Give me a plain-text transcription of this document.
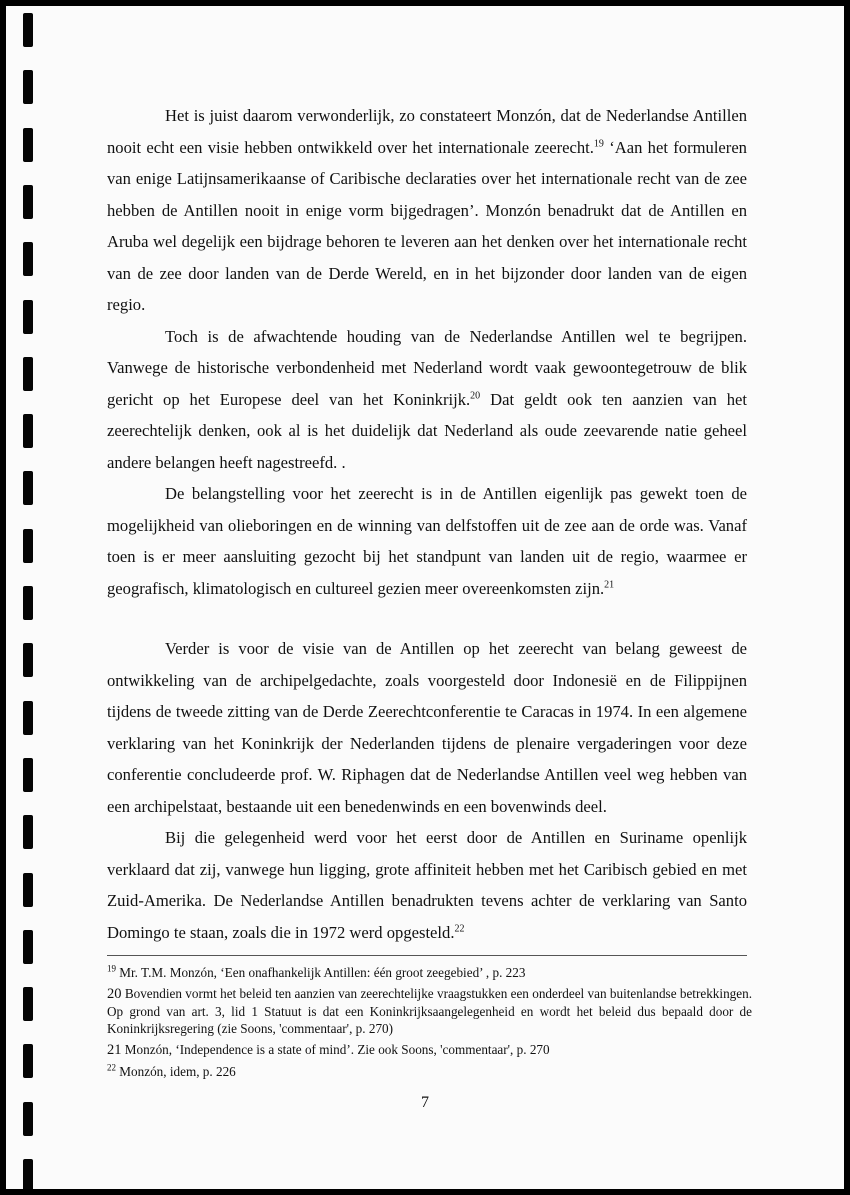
Het is juist daarom verwonderlijk, zo constateert Monzón, dat de Nederlandse Antillen nooit echt een visie hebben ontwikkeld over het internationale zeerecht.$^{19}$ ‘Aan het formuleren van enige Latijnsamerikaanse of Caribische declaraties over het internationale recht van de zee hebben de Antillen nooit in enige vorm bijgedragen’. Monzón benadrukt dat de Antillen en Aruba wel degelijk een bijdrage behoren te leveren aan het denken over het internationale recht van de zee door landen van de Derde Wereld, en in het bijzonder door landen van de eigen regio.

Toch is de afwachtende houding van de Nederlandse Antillen wel te begrijpen. Vanwege de historische verbondenheid met Nederland wordt vaak gewoontegetrouw de blik gericht op het Europese deel van het Koninkrijk.$^{20}$ Dat geldt ook ten aanzien van het zeerechtelijk denken, ook al is het duidelijk dat Nederland als oude zeevarende natie geheel andere belangen heeft nagestreefd. .

De belangstelling voor het zeerecht is in de Antillen eigenlijk pas gewekt toen de mogelijkheid van olieboringen en de winning van delfstoffen uit de zee aan de orde was. Vanaf toen is er meer aansluiting gezocht bij het standpunt van landen uit de regio, waarmee er geografisch, klimatologisch en cultureel gezien meer overeenkomsten zijn.$^{21}$

Verder is voor de visie van de Antillen op het zeerecht van belang geweest de ontwikkeling van de archipelgedachte, zoals voorgesteld door Indonesië en de Filippijnen tijdens de tweede zitting van de Derde Zeerechtconferentie te Caracas in 1974. In een algemene verklaring van het Koninkrijk der Nederlanden tijdens de plenaire vergaderingen voor deze conferentie concludeerde prof. W. Riphagen dat de Nederlandse Antillen veel weg hebben van een archipelstaat, bestaande uit een benedenwinds en een bovenwinds deel.

Bij die gelegenheid werd voor het eerst door de Antillen en Suriname openlijk verklaard dat zij, vanwege hun ligging, grote affiniteit hebben met het Caribisch gebied en met Zuid-Amerika. De Nederlandse Antillen benadrukten tevens achter de verklaring van Santo Domingo te staan, zoals die in 1972 werd opgesteld.$^{22}$

$^{19}$ Mr. T.M. Monzón, ‘Een onafhankelijk Antillen: één groot zeegebied’ , p. 223

20 Bovendien vormt het beleid ten aanzien van zeerechtelijke vraagstukken een onderdeel van buitenlandse betrekkingen. Op grond van art. 3, lid 1 Statuut is dat een Koninkrijksaangelegenheid en wordt het beleid dus bepaald door de Koninkrijksregering (zie Soons, 'commentaar', p. 270)

21 Monzón, ‘Independence is a state of mind’. Zie ook Soons, 'commentaar', p. 270

$^{22}$ Monzón, idem, p. 226

7
